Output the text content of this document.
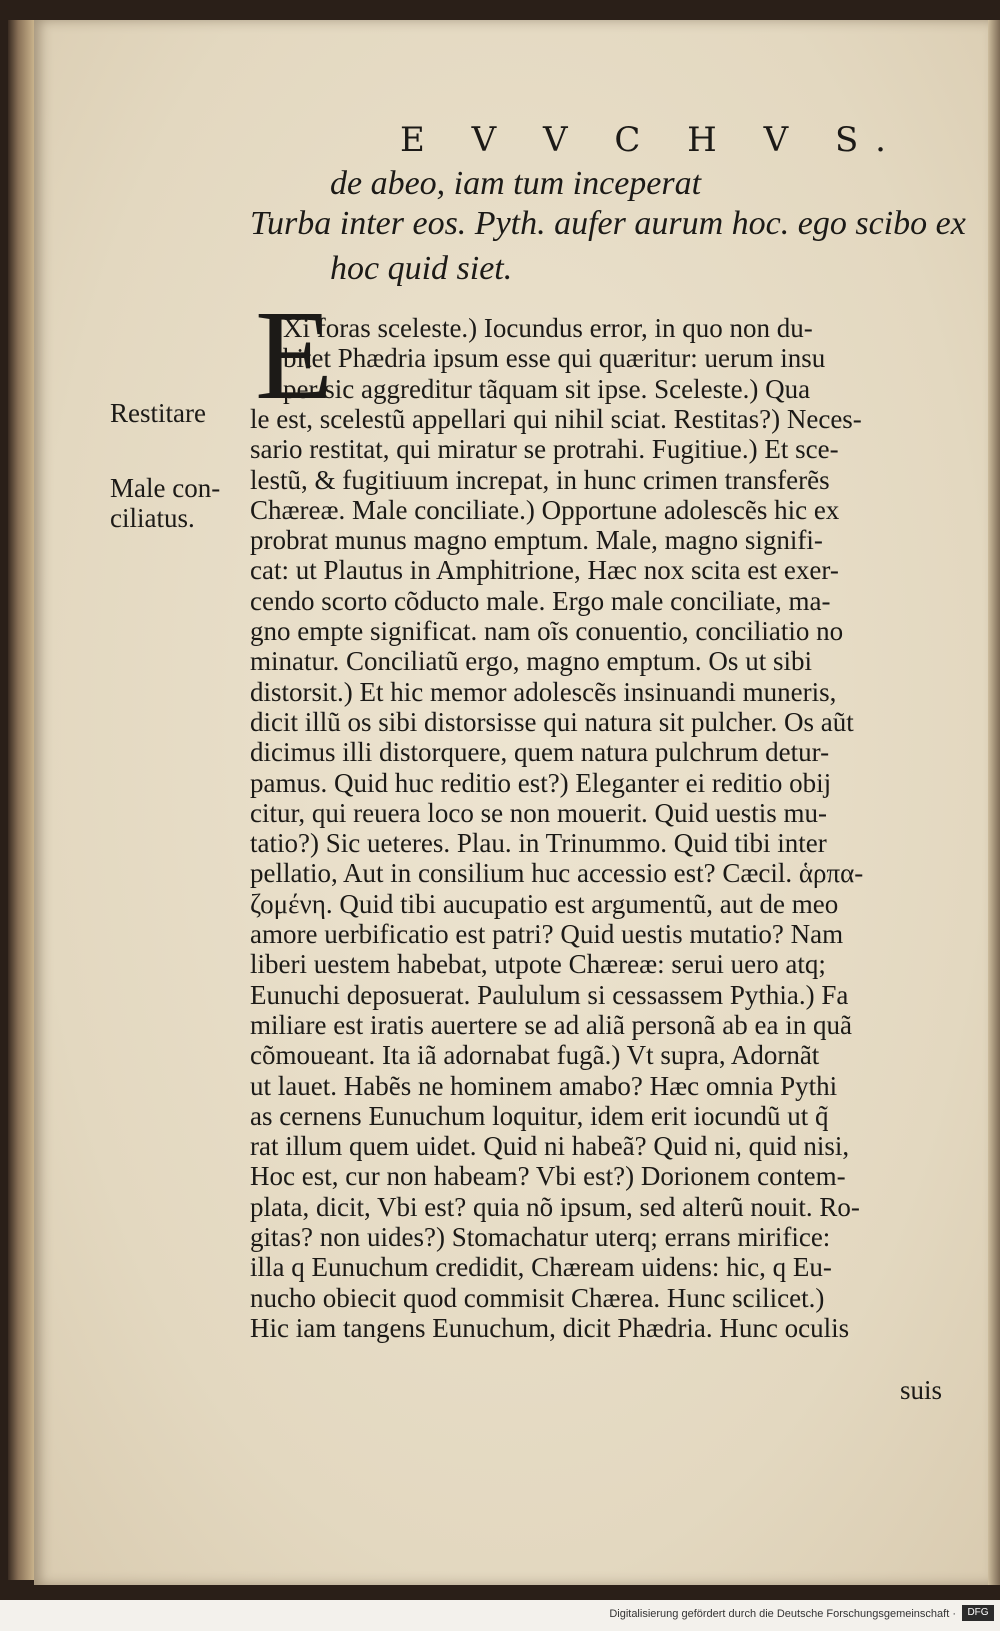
E V V C H V S.
de abeo, iam tum inceperat
Turba inter eos. Pyth. aufer aurum hoc. ego scibo ex
hoc quid siet.
E
Restitare
Male con-
ciliatus.
Xi foras sceleste.) Iocundus error, in quo non du-
bitet Phædria ipsum esse qui quæritur: uerum insu
per sic aggreditur tãquam sit ipse. Sceleste.) Qua
le est, scelestũ appellari qui nihil sciat. Restitas?) Neces-
sario restitat, qui miratur se protrahi. Fugitiue.) Et sce-
lestũ, & fugitiuum increpat, in hunc crimen transferẽs
Chæreæ. Male conciliate.) Opportune adolescẽs hic ex
probrat munus magno emptum. Male, magno signifi-
cat: ut Plautus in Amphitrione, Hæc nox scita est exer-
cendo scorto cõducto male. Ergo male conciliate, ma-
gno empte significat. nam oĩs conuentio, conciliatio no
minatur. Conciliatũ ergo, magno emptum. Os ut sibi
distorsit.) Et hic memor adolescẽs insinuandi muneris,
dicit illũ os sibi distorsisse qui natura sit pulcher. Os aũt
dicimus illi distorquere, quem natura pulchrum detur-
pamus. Quid huc reditio est?) Eleganter ei reditio obij
citur, qui reuera loco se non mouerit. Quid uestis mu-
tatio?) Sic ueteres. Plau. in Trinummo. Quid tibi inter
pellatio, Aut in consilium huc accessio est? Cæcil. ἁρπα-
ζομένη. Quid tibi aucupatio est argumentũ, aut de meo
amore uerbificatio est patri? Quid uestis mutatio? Nam
liberi uestem habebat, utpote Chæreæ: serui uero atq;
Eunuchi deposuerat. Paululum si cessassem Pythia.) Fa
miliare est iratis auertere se ad aliã personã ab ea in quã
cõmoueant. Ita iã adornabat fugã.) Vt supra, Adornãt
ut lauet. Habẽs ne hominem amabo? Hæc omnia Pythi
as cernens Eunuchum loquitur, idem erit iocundũ ut q̃
rat illum quem uidet. Quid ni habeã? Quid ni, quid nisi,
Hoc est, cur non habeam? Vbi est?) Dorionem contem-
plata, dicit, Vbi est? quia nõ ipsum, sed alterũ nouit. Ro-
gitas? non uides?) Stomachatur uterq; errans mirifice:
illa q Eunuchum credidit, Chæream uidens: hic, q Eu-
nucho obiecit quod commisit Chærea. Hunc scilicet.)
Hic iam tangens Eunuchum, dicit Phædria. Hunc oculis
suis
Digitalisierung gefördert durch die Deutsche Forschungsgemeinschaft ·	DFG
